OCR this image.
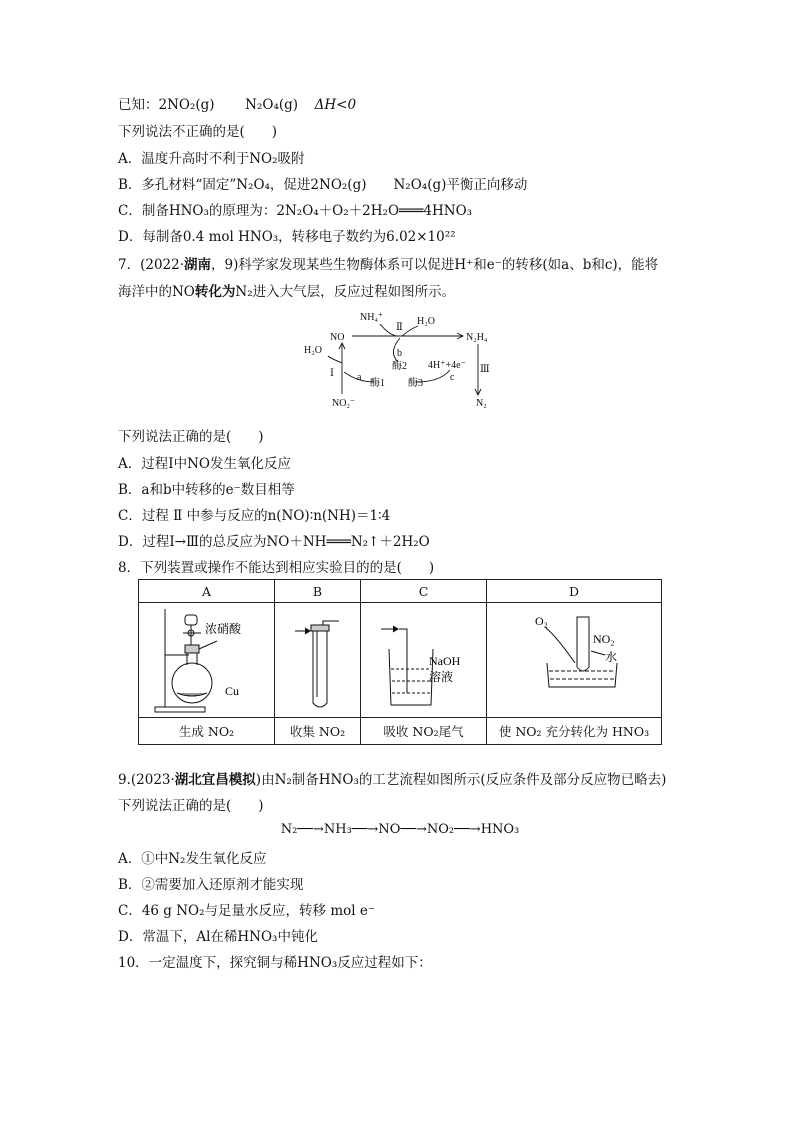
已知：2NO₂(g) N₂O₄(g) ΔH<0
下列说法不正确的是(　　)
A．温度升高时不利于NO₂吸附
B．多孔材料“固定”N₂O₄，促进2NO₂(g)　　N₂O₄(g)平衡正向移动
C．制备HNO₃的原理为：2N₂O₄＋O₂＋2H₂O═══4HNO₃
D．每制备0.4 mol HNO₃，转移电子数约为6.02×10²²
7．(2022·湖南，9)科学家发现某些生物酶体系可以促进H⁺和e⁻的转移(如a、b和c)，能将
海洋中的NO转化为N₂进入大气层，反应过程如图所示。
NH₄⁺
Ⅱ
H₂O
NO	N₂H₄
H₂O	b
酶2 4H⁺+4e⁻ Ⅲ
Ⅰ a	c
酶1 酶3
NO₂⁻	N₂
下列说法正确的是(　　)
A．过程Ⅰ中NO发生氧化反应
B．a和b中转移的e⁻数目相等
C．过程 Ⅱ 中参与反应的n(NO)∶n(NH)＝1∶4
D．过程Ⅰ→Ⅲ的总反应为NO＋NH═══N₂↑＋2H₂O
8．下列装置或操作不能达到相应实验目的的是(　　)
A	B	C	D

浓硝酸
Cu		NaOH
溶液	O₂
NO₂
水

生成 NO₂	收集 NO₂	吸收 NO₂尾气	使 NO₂ 充分转化为 HNO₃
9.(2023·湖北宜昌模拟)由N₂制备HNO₃的工艺流程如图所示(反应条件及部分反应物已略去)
下列说法正确的是(　　)
N₂──→NH₃──→NO──→NO₂──→HNO₃
A．①中N₂发生氧化反应
B．②需要加入还原剂才能实现
C．46 g NO₂与足量水反应，转移 mol e⁻
D．常温下，Al在稀HNO₃中钝化
10．一定温度下，探究铜与稀HNO₃反应过程如下：
